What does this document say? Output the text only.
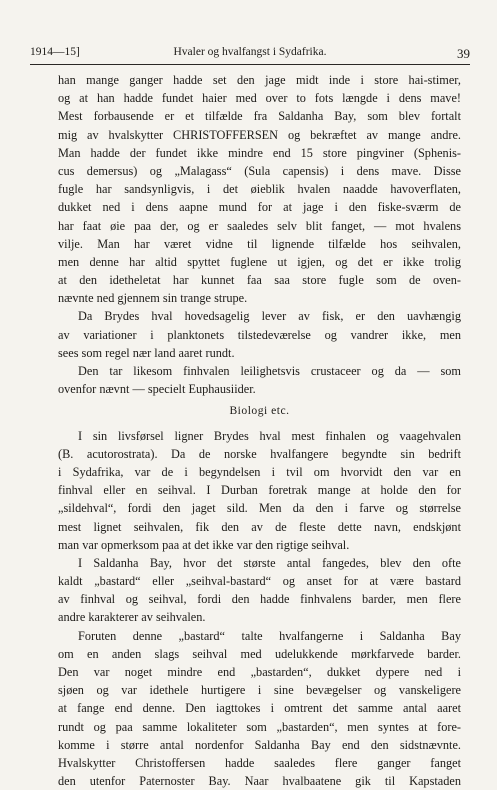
1914—15]	Hvaler og hvalfangst i Sydafrika.	39
han mange ganger hadde set den jage midt inde i store hai-stimer,
og at han hadde fundet haier med over to fots længde i dens mave!
Mest forbausende er et tilfælde fra Saldanha Bay, som blev fortalt
mig av hvalskytter CHRISTOFFERSEN og bekræftet av mange andre.
Man hadde der fundet ikke mindre end 15 store pingviner (Sphenis-
cus demersus) og „Malagass“ (Sula capensis) i dens mave. Disse
fugle har sandsynligvis, i det øieblik hvalen naadde havoverflaten,
dukket ned i dens aapne mund for at jage i den fiske-sværm de
har faat øie paa der, og er saaledes selv blit fanget, — mot hvalens
vilje. Man har været vidne til lignende tilfælde hos seihvalen,
men denne har altid spyttet fuglene ut igjen, og det er ikke trolig
at den idetheletat har kunnet faa saa store fugle som de oven-
nævnte ned gjennem sin trange strupe.
Da Brydes hval hovedsagelig lever av fisk, er den uavhængig
av variationer i planktonets tilstedeværelse og vandrer ikke, men
sees som regel nær land aaret rundt.
Den tar likesom finhvalen leilighetsvis crustaceer og da — som
ovenfor nævnt — specielt Euphausiider.
Biologi etc.
I sin livsførsel ligner Brydes hval mest finhalen og vaagehvalen
(B. acutorostrata). Da de norske hvalfangere begyndte sin bedrift
i Sydafrika, var de i begyndelsen i tvil om hvorvidt den var en
finhval eller en seihval. I Durban foretrak mange at holde den for
„sildehval“, fordi den jaget sild. Men da den i farve og størrelse
mest lignet seihvalen, fik den av de fleste dette navn, endskjønt
man var opmerksom paa at det ikke var den rigtige seihval.
I Saldanha Bay, hvor det største antal fangedes, blev den ofte
kaldt „bastard“ eller „seihval-bastard“ og anset for at være bastard
av finhval og seihval, fordi den hadde finhvalens barder, men flere
andre karakterer av seihvalen.
Foruten denne „bastard“ talte hvalfangerne i Saldanha Bay
om en anden slags seihval med udelukkende mørkfarvede barder.
Den var noget mindre end „bastarden“, dukket dypere ned i
sjøen og var idethele hurtigere i sine bevægelser og vanskeligere
at fange end denne. Den iagttokes i omtrent det samme antal aaret
rundt og paa samme lokaliteter som „bastarden“, men syntes at fore-
komme i større antal nordenfor Saldanha Bay end den sidstnævnte.
Hvalskytter Christoffersen hadde saaledes flere ganger fanget
den utenfor Paternoster Bay. Naar hvalbaatene gik til Kapstaden
